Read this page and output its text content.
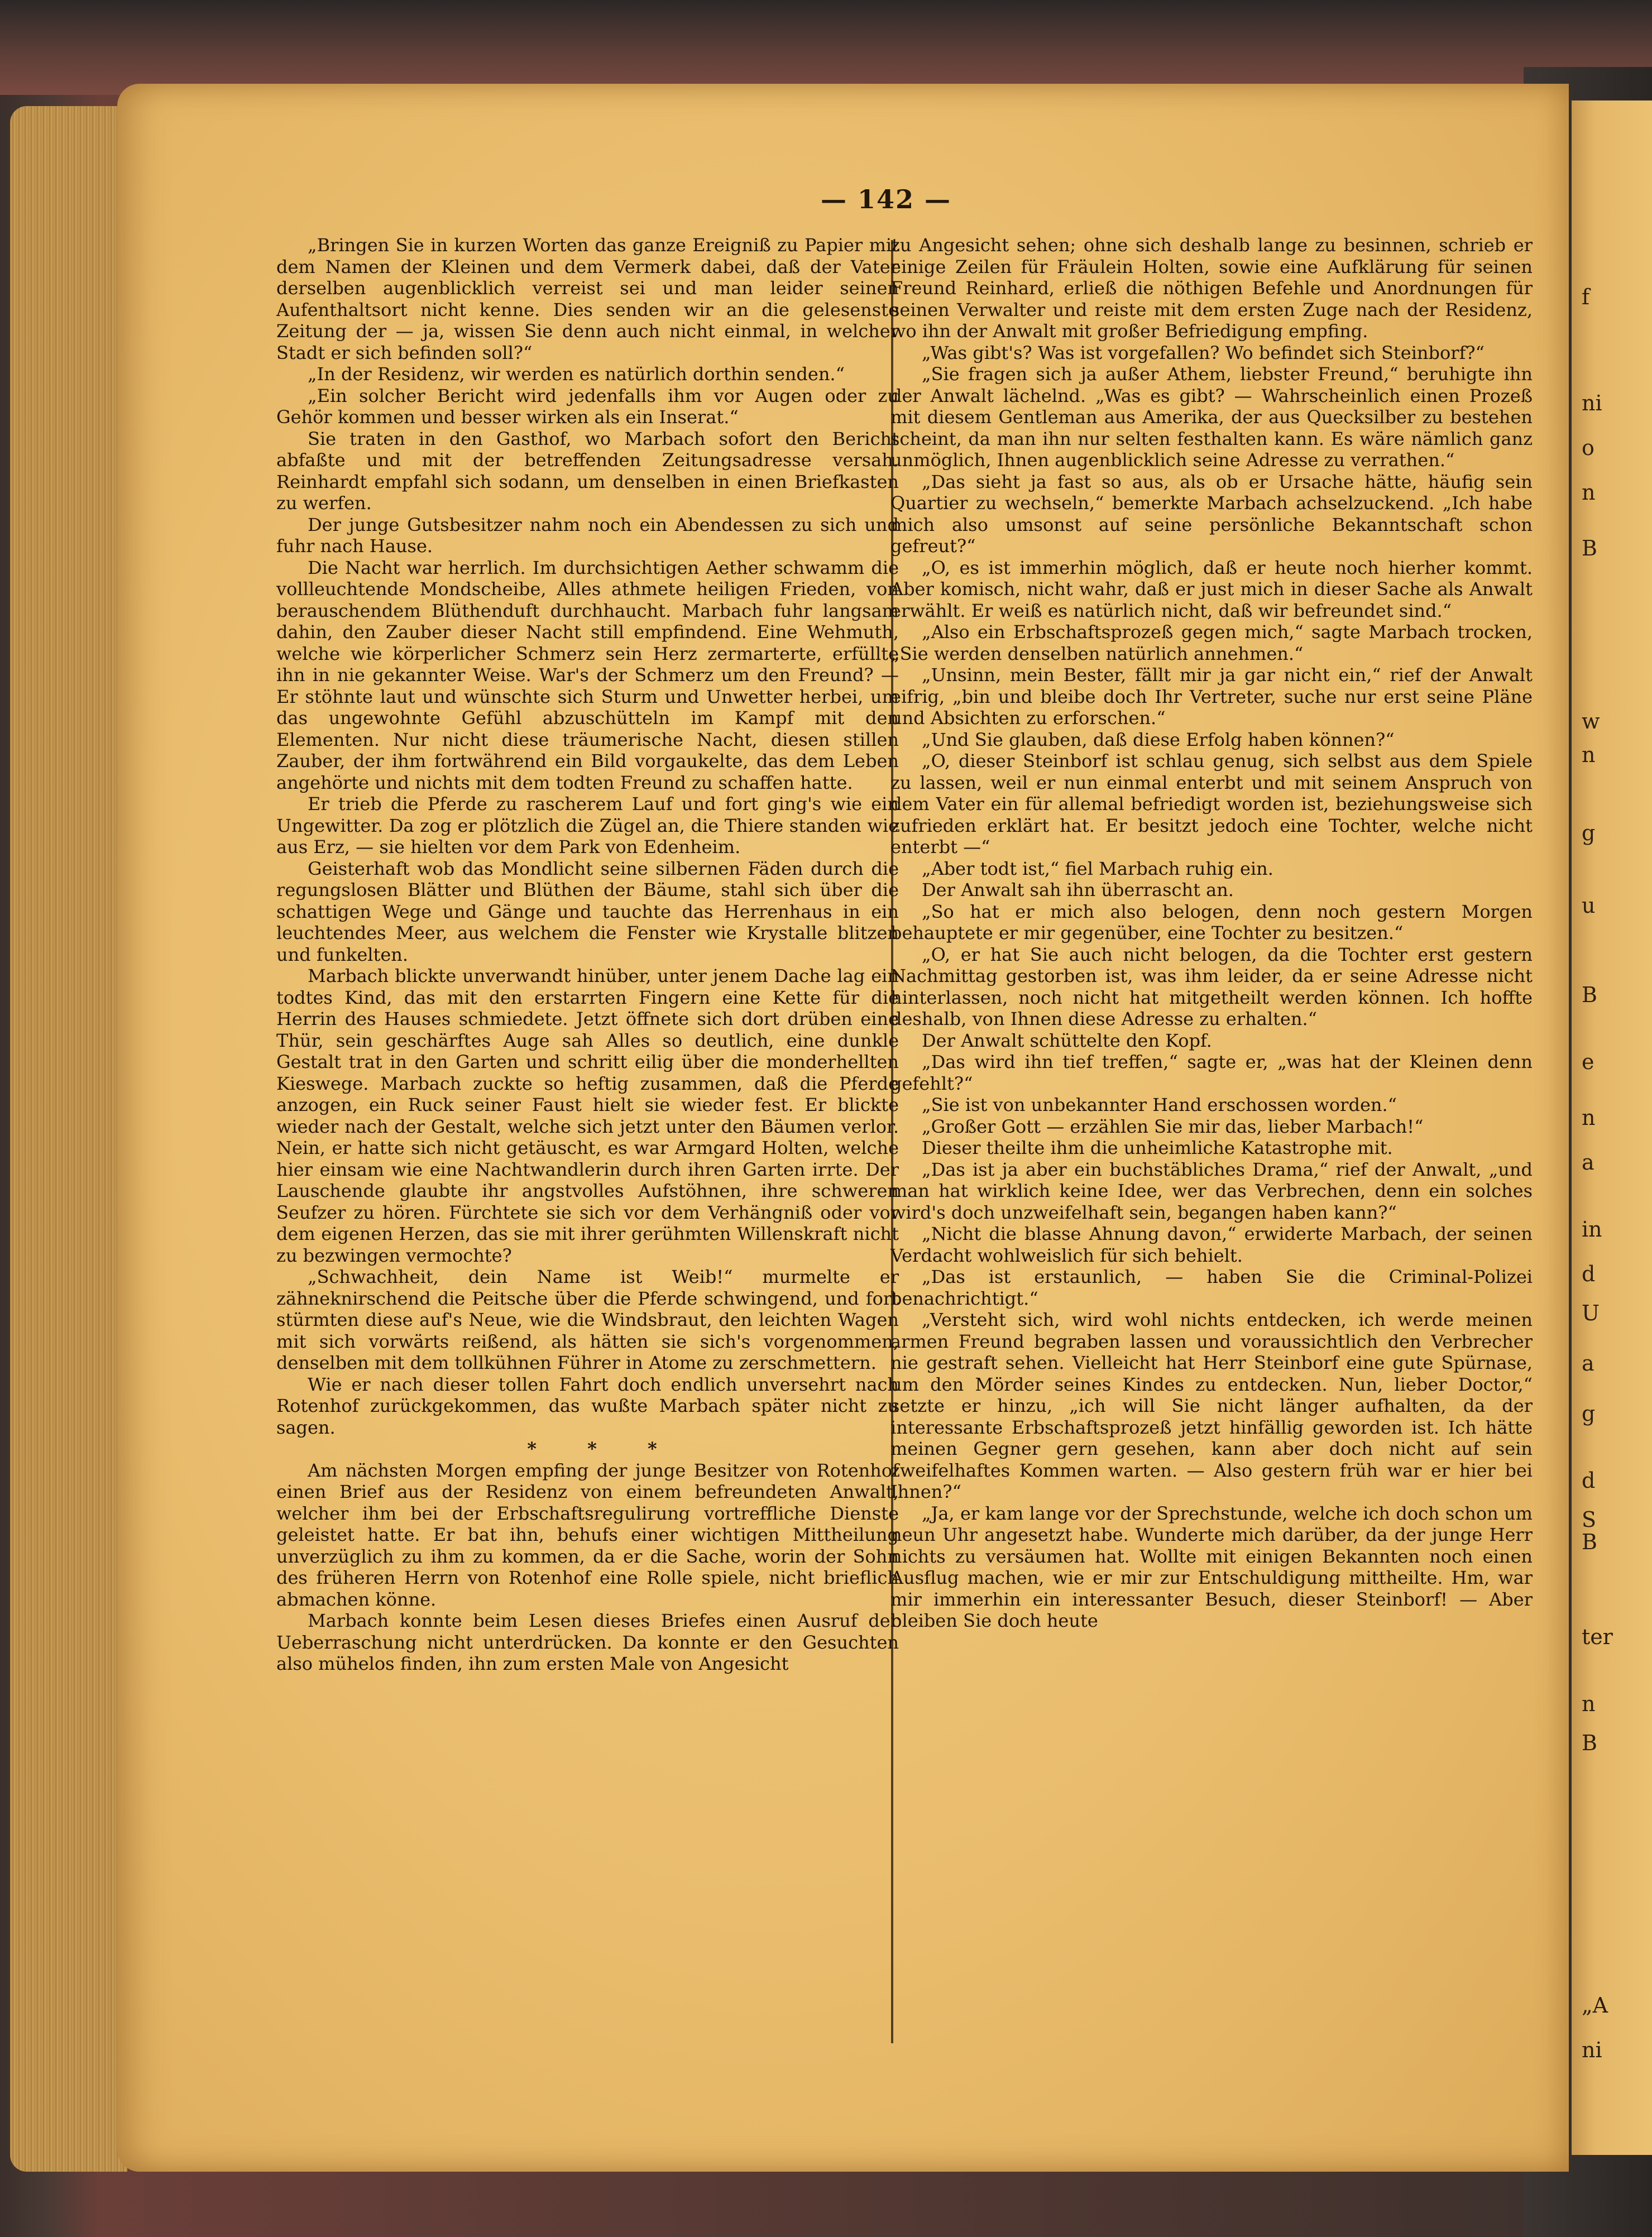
f
ni
o
n
B
w
n
g
u
B
e
n
a
in
d
U
a
g
d
S
B
ter
n
B
„A
ni
— 142 —

„Bringen Sie in kurzen Worten das ganze Ereigniß zu Papier mit dem Namen der Kleinen und dem Vermerk dabei, daß der Vater derselben augenblicklich verreist sei und man leider seinen Aufenthaltsort nicht kenne. Dies senden wir an die gelesenste Zeitung der — ja, wissen Sie denn auch nicht einmal, in welcher Stadt er sich befinden soll?“

„In der Residenz, wir werden es natürlich dorthin senden.“

„Ein solcher Bericht wird jedenfalls ihm vor Augen oder zu Gehör kommen und besser wirken als ein Inserat.“

Sie traten in den Gasthof, wo Marbach sofort den Bericht abfaßte und mit der betreffenden Zeitungsadresse versah. Reinhardt empfahl sich sodann, um denselben in einen Briefkasten zu werfen.

Der junge Gutsbesitzer nahm noch ein Abendessen zu sich und fuhr nach Hause.

Die Nacht war herrlich. Im durchsichtigen Aether schwamm die vollleuchtende Mondscheibe, Alles athmete heiligen Frieden, von berauschendem Blüthenduft durchhaucht. Marbach fuhr langsam dahin, den Zauber dieser Nacht still empfindend. Eine Wehmuth, welche wie körperlicher Schmerz sein Herz zermarterte, erfüllte ihn in nie gekannter Weise. War's der Schmerz um den Freund? — Er stöhnte laut und wünschte sich Sturm und Unwetter herbei, um das ungewohnte Gefühl abzuschütteln im Kampf mit den Elementen. Nur nicht diese träumerische Nacht, diesen stillen Zauber, der ihm fortwährend ein Bild vorgaukelte, das dem Leben angehörte und nichts mit dem todten Freund zu schaffen hatte.

Er trieb die Pferde zu rascherem Lauf und fort ging's wie ein Ungewitter. Da zog er plötzlich die Zügel an, die Thiere standen wie aus Erz, — sie hielten vor dem Park von Edenheim.

Geisterhaft wob das Mondlicht seine silbernen Fäden durch die regungslosen Blätter und Blüthen der Bäume, stahl sich über die schattigen Wege und Gänge und tauchte das Herrenhaus in ein leuchtendes Meer, aus welchem die Fenster wie Krystalle blitzen und funkelten.

Marbach blickte unverwandt hinüber, unter jenem Dache lag ein todtes Kind, das mit den erstarrten Fingern eine Kette für die Herrin des Hauses schmiedete. Jetzt öffnete sich dort drüben eine Thür, sein geschärftes Auge sah Alles so deutlich, eine dunkle Gestalt trat in den Garten und schritt eilig über die monderhellten Kieswege. Marbach zuckte so heftig zusammen, daß die Pferde anzogen, ein Ruck seiner Faust hielt sie wieder fest. Er blickte wieder nach der Gestalt, welche sich jetzt unter den Bäumen verlor. Nein, er hatte sich nicht getäuscht, es war Armgard Holten, welche hier einsam wie eine Nachtwandlerin durch ihren Garten irrte. Der Lauschende glaubte ihr angstvolles Aufstöhnen, ihre schweren Seufzer zu hören. Fürchtete sie sich vor dem Verhängniß oder vor dem eigenen Herzen, das sie mit ihrer gerühmten Willenskraft nicht zu bezwingen vermochte?

„Schwachheit, dein Name ist Weib!“ murmelte er zähneknirschend die Peitsche über die Pferde schwingend, und fort stürmten diese auf's Neue, wie die Windsbraut, den leichten Wagen mit sich vorwärts reißend, als hätten sie sich's vorgenommen, denselben mit dem tollkühnen Führer in Atome zu zerschmettern.

Wie er nach dieser tollen Fahrt doch endlich unversehrt nach Rotenhof zurückgekommen, das wußte Marbach später nicht zu sagen.

* * *

Am nächsten Morgen empfing der junge Besitzer von Rotenhof einen Brief aus der Residenz von einem befreundeten Anwalt, welcher ihm bei der Erbschaftsregulirung vortreffliche Dienste geleistet hatte. Er bat ihn, behufs einer wichtigen Mittheilung unverzüglich zu ihm zu kommen, da er die Sache, worin der Sohn des früheren Herrn von Rotenhof eine Rolle spiele, nicht brieflich abmachen könne.

Marbach konnte beim Lesen dieses Briefes einen Ausruf der Ueberraschung nicht unterdrücken. Da konnte er den Gesuchten also mühelos finden, ihn zum ersten Male von Angesicht

zu Angesicht sehen; ohne sich deshalb lange zu besinnen, schrieb er einige Zeilen für Fräulein Holten, sowie eine Aufklärung für seinen Freund Reinhard, erließ die nöthigen Befehle und Anordnungen für seinen Verwalter und reiste mit dem ersten Zuge nach der Residenz, wo ihn der Anwalt mit großer Befriedigung empfing.

„Was gibt's? Was ist vorgefallen? Wo befindet sich Steinborf?“

„Sie fragen sich ja außer Athem, liebster Freund,“ beruhigte ihn der Anwalt lächelnd. „Was es gibt? — Wahrscheinlich einen Prozeß mit diesem Gentleman aus Amerika, der aus Quecksilber zu bestehen scheint, da man ihn nur selten festhalten kann. Es wäre nämlich ganz unmöglich, Ihnen augenblicklich seine Adresse zu verrathen.“

„Das sieht ja fast so aus, als ob er Ursache hätte, häufig sein Quartier zu wechseln,“ bemerkte Marbach achselzuckend. „Ich habe mich also umsonst auf seine persönliche Bekanntschaft schon gefreut?“

„O, es ist immerhin möglich, daß er heute noch hierher kommt. Aber komisch, nicht wahr, daß er just mich in dieser Sache als Anwalt erwählt. Er weiß es natürlich nicht, daß wir befreundet sind.“

„Also ein Erbschaftsprozeß gegen mich,“ sagte Marbach trocken, „Sie werden denselben natürlich annehmen.“

„Unsinn, mein Bester, fällt mir ja gar nicht ein,“ rief der Anwalt eifrig, „bin und bleibe doch Ihr Vertreter, suche nur erst seine Pläne und Absichten zu erforschen.“

„Und Sie glauben, daß diese Erfolg haben können?“

„O, dieser Steinborf ist schlau genug, sich selbst aus dem Spiele zu lassen, weil er nun einmal enterbt und mit seinem Anspruch von dem Vater ein für allemal befriedigt worden ist, beziehungsweise sich zufrieden erklärt hat. Er besitzt jedoch eine Tochter, welche nicht enterbt —“

„Aber todt ist,“ fiel Marbach ruhig ein.

Der Anwalt sah ihn überrascht an.

„So hat er mich also belogen, denn noch gestern Morgen behauptete er mir gegenüber, eine Tochter zu besitzen.“

„O, er hat Sie auch nicht belogen, da die Tochter erst gestern Nachmittag gestorben ist, was ihm leider, da er seine Adresse nicht hinterlassen, noch nicht hat mitgetheilt werden können. Ich hoffte deshalb, von Ihnen diese Adresse zu erhalten.“

Der Anwalt schüttelte den Kopf.

„Das wird ihn tief treffen,“ sagte er, „was hat der Kleinen denn gefehlt?“

„Sie ist von unbekannter Hand erschossen worden.“

„Großer Gott — erzählen Sie mir das, lieber Marbach!“

Dieser theilte ihm die unheimliche Katastrophe mit.

„Das ist ja aber ein buchstäbliches Drama,“ rief der Anwalt, „und man hat wirklich keine Idee, wer das Verbrechen, denn ein solches wird's doch unzweifelhaft sein, begangen haben kann?“

„Nicht die blasse Ahnung davon,“ erwiderte Marbach, der seinen Verdacht wohlweislich für sich behielt.

„Das ist erstaunlich, — haben Sie die Criminal-Polizei benachrichtigt.“

„Versteht sich, wird wohl nichts entdecken, ich werde meinen armen Freund begraben lassen und voraussichtlich den Verbrecher nie gestraft sehen. Vielleicht hat Herr Steinborf eine gute Spürnase, um den Mörder seines Kindes zu entdecken. Nun, lieber Doctor,“ setzte er hinzu, „ich will Sie nicht länger aufhalten, da der interessante Erbschaftsprozeß jetzt hinfällig geworden ist. Ich hätte meinen Gegner gern gesehen, kann aber doch nicht auf sein zweifelhaftes Kommen warten. — Also gestern früh war er hier bei Ihnen?“

„Ja, er kam lange vor der Sprechstunde, welche ich doch schon um neun Uhr angesetzt habe. Wunderte mich darüber, da der junge Herr nichts zu versäumen hat. Wollte mit einigen Bekannten noch einen Ausflug machen, wie er mir zur Entschuldigung mittheilte. Hm, war mir immerhin ein interessanter Besuch, dieser Steinborf! — Aber bleiben Sie doch heute
